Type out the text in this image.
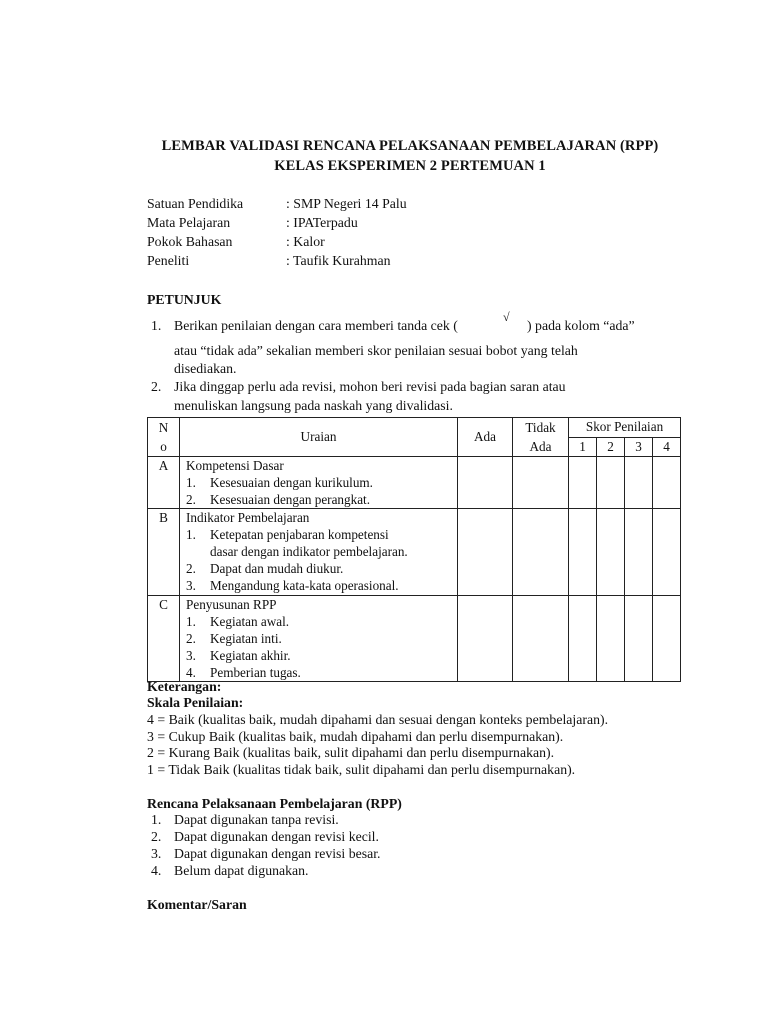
LEMBAR VALIDASI RENCANA PELAKSANAAN PEMBELAJARAN (RPP)
KELAS EKSPERIMEN 2 PERTEMUAN 1
Satuan Pendidika	: SMP Negeri 14 Palu
Mata Pelajaran	: IPATerpadu
Pokok Bahasan	: Kalor
Peneliti	: Taufik Kurahman
PETUNJUK
1. Berikan penilaian dengan cara memberi tanda cek (
√
) pada kolom “ada”
atau “tidak ada” sekalian memberi skor penilaian sesuai bobot yang telah
disediakan.
2. Jika dinggap perlu ada revisi, mohon beri revisi pada bagian saran atau
menuliskan langsung pada naskah yang divalidasi.
N
o	Uraian	Ada	Tidak
Ada	Skor Penilaian			
				1	2	3	4
A	Kompetensi Dasar
1. Kesesuaian dengan kurikulum.
2. Kesesuaian dengan perangkat.						

B	Indikator Pembelajaran
1. Ketepatan penjabaran kompetensi
dasar dengan indikator pembelajaran.
2. Dapat dan mudah diukur.
3. Mengandung kata-kata operasional.						

C	Penyusunan RPP
1. Kegiatan awal.
2. Kegiatan inti.
3. Kegiatan akhir.
4. Pemberian tugas.						

Keterangan:
Skala Penilaian:
4 = Baik (kualitas baik, mudah dipahami dan sesuai dengan konteks pembelajaran).
3 = Cukup Baik (kualitas baik, mudah dipahami dan perlu disempurnakan).
2 = Kurang Baik (kualitas baik, sulit dipahami dan perlu disempurnakan).
1 = Tidak Baik (kualitas tidak baik, sulit dipahami dan perlu disempurnakan).
Rencana Pelaksanaan Pembelajaran (RPP)
1. Dapat digunakan tanpa revisi.
2. Dapat digunakan dengan revisi kecil.
3. Dapat digunakan dengan revisi besar.
4. Belum dapat digunakan.
Komentar/Saran
